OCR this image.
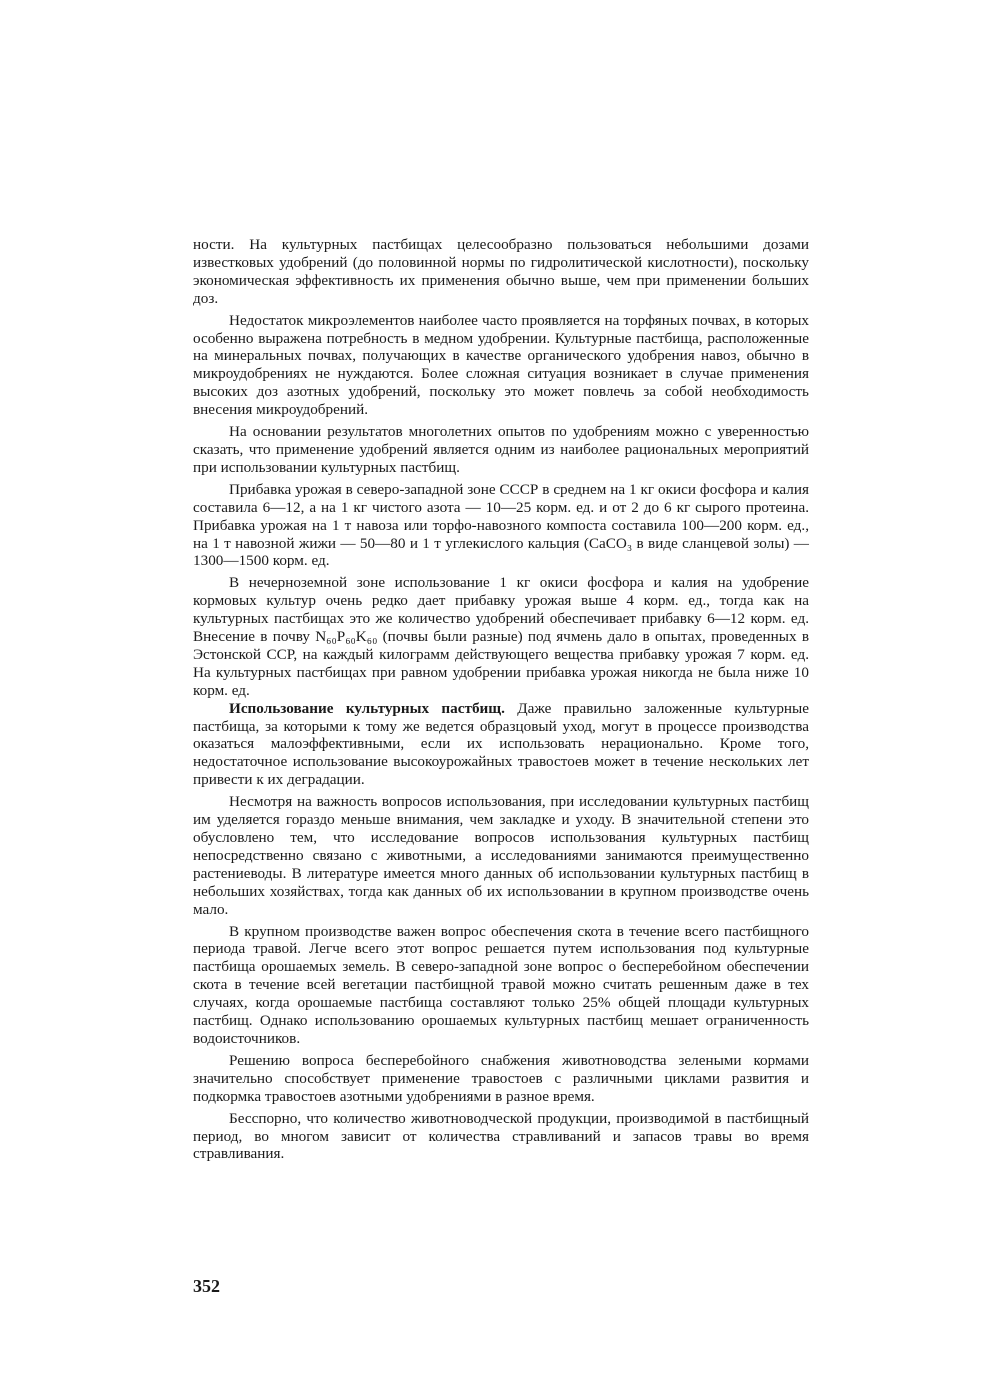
ности. На культурных пастбищах целесообразно пользоваться небольшими дозами известковых удобрений (до половинной нормы по гидролитической кислотности), поскольку экономическая эффективность их применения обычно выше, чем при применении больших доз.

Недостаток микроэлементов наиболее часто проявляется на торфяных почвах, в которых особенно выражена потребность в медном удобрении. Культурные пастбища, расположенные на минеральных почвах, получающих в качестве органического удобрения навоз, обычно в микроудобрениях не нуждаются. Более сложная ситуация возникает в случае применения высоких доз азотных удобрений, поскольку это может повлечь за собой необходимость внесения микроудобрений.

На основании результатов многолетних опытов по удобрениям можно с уверенностью сказать, что применение удобрений является одним из наиболее рациональных мероприятий при использовании культурных пастбищ.

Прибавка урожая в северо-западной зоне СССР в среднем на 1 кг окиси фосфора и калия составила 6—12, а на 1 кг чистого азота — 10—25 корм. ед. и от 2 до 6 кг сырого протеина. Прибавка урожая на 1 т навоза или торфо-навозного компоста составила 100—200 корм. ед., на 1 т навозной жижи — 50—80 и 1 т углекислого кальция (CaCO₃ в виде сланцевой золы) — 1300—1500 корм. ед.

В нечерноземной зоне использование 1 кг окиси фосфора и калия на удобрение кормовых культур очень редко дает прибавку урожая выше 4 корм. ед., тогда как на культурных пастбищах это же количество удобрений обеспечивает прибавку 6—12 корм. ед. Внесение в почву N₆₀P₆₀K₆₀ (почвы были разные) под ячмень дало в опытах, проведенных в Эстонской ССР, на каждый килограмм действующего вещества прибавку урожая 7 корм. ед. На культурных пастбищах при равном удобрении прибавка урожая никогда не была ниже 10 корм. ед.

Использование культурных пастбищ. Даже правильно заложенные культурные пастбища, за которыми к тому же ведется образцовый уход, могут в процессе производства оказаться малоэффективными, если их использовать нерационально. Кроме того, недостаточное использование высокоурожайных травостоев может в течение нескольких лет привести к их деградации.

Несмотря на важность вопросов использования, при исследовании культурных пастбищ им уделяется гораздо меньше внимания, чем закладке и уходу. В значительной степени это обусловлено тем, что исследование вопросов использования культурных пастбищ непосредственно связано с животными, а исследованиями занимаются преимущественно растениеводы. В литературе имеется много данных об использовании культурных пастбищ в небольших хозяйствах, тогда как данных об их использовании в крупном производстве очень мало.

В крупном производстве важен вопрос обеспечения скота в течение всего пастбищного периода травой. Легче всего этот вопрос решается путем использования под культурные пастбища орошаемых земель. В северо-западной зоне вопрос о бесперебойном обеспечении скота в течение всей вегетации пастбищной травой можно считать решенным даже в тех случаях, когда орошаемые пастбища составляют только 25% общей площади культурных пастбищ. Однако использованию орошаемых культурных пастбищ мешает ограниченность водоисточников.

Решению вопроса бесперебойного снабжения животноводства зелеными кормами значительно способствует применение травостоев с различными циклами развития и подкормка травостоев азотными удобрениями в разное время.

Бесспорно, что количество животноводческой продукции, производимой в пастбищный период, во многом зависит от количества стравливаний и запасов травы во время стравливания.

352
